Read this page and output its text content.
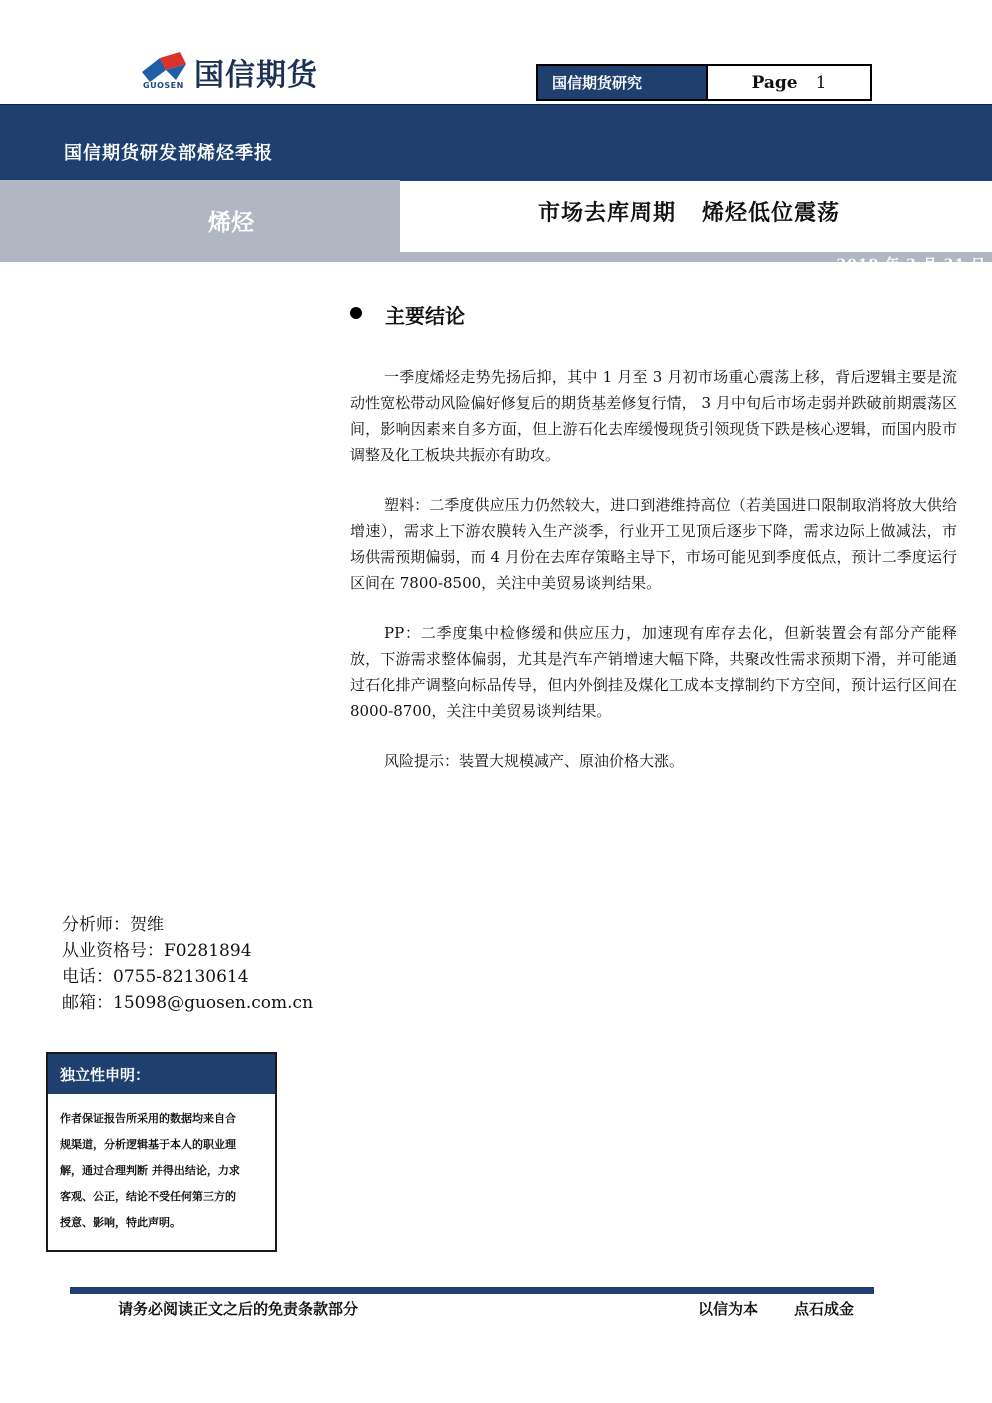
GUOSEN 国信期货	国信期货研究	Page 1
国信期货研发部烯烃季报
烯烃	市场去库周期   烯烃低位震荡
2019 年 3 月 31 日
主要结论

一季度烯烃走势先扬后抑，其中 1 月至 3 月初市场重心震荡上移，背后逻辑主要是流动性宽松带动风险偏好修复后的期货基差修复行情， 3 月中旬后市场走弱并跌破前期震荡区间，影响因素来自多方面，但上游石化去库缓慢现货引领现货下跌是核心逻辑，而国内股市调整及化工板块共振亦有助攻。

塑料：二季度供应压力仍然较大，进口到港维持高位（若美国进口限制取消将放大供给增速），需求上下游农膜转入生产淡季，行业开工见顶后逐步下降，需求边际上做减法，市场供需预期偏弱，而 4 月份在去库存策略主导下，市场可能见到季度低点，预计二季度运行区间在 7800-8500，关注中美贸易谈判结果。

PP：二季度集中检修缓和供应压力，加速现有库存去化，但新装置会有部分产能释放，下游需求整体偏弱，尤其是汽车产销增速大幅下降，共聚改性需求预期下滑，并可能通过石化排产调整向标品传导，但内外倒挂及煤化工成本支撑制约下方空间，预计运行区间在 8000-8700，关注中美贸易谈判结果。

风险提示：装置大规模减产、原油价格大涨。

分析师：贺维
从业资格号：F0281894
电话：0755-82130614
邮箱：15098@guosen.com.cn
独立性申明：
作者保证报告所采用的数据均来自合
规渠道，分析逻辑基于本人的职业理
解，通过合理判断 并得出结论，力求
客观、公正，结论不受任何第三方的
授意、影响，特此声明。
请务必阅读正文之后的免责条款部分	以信为本 点石成金
